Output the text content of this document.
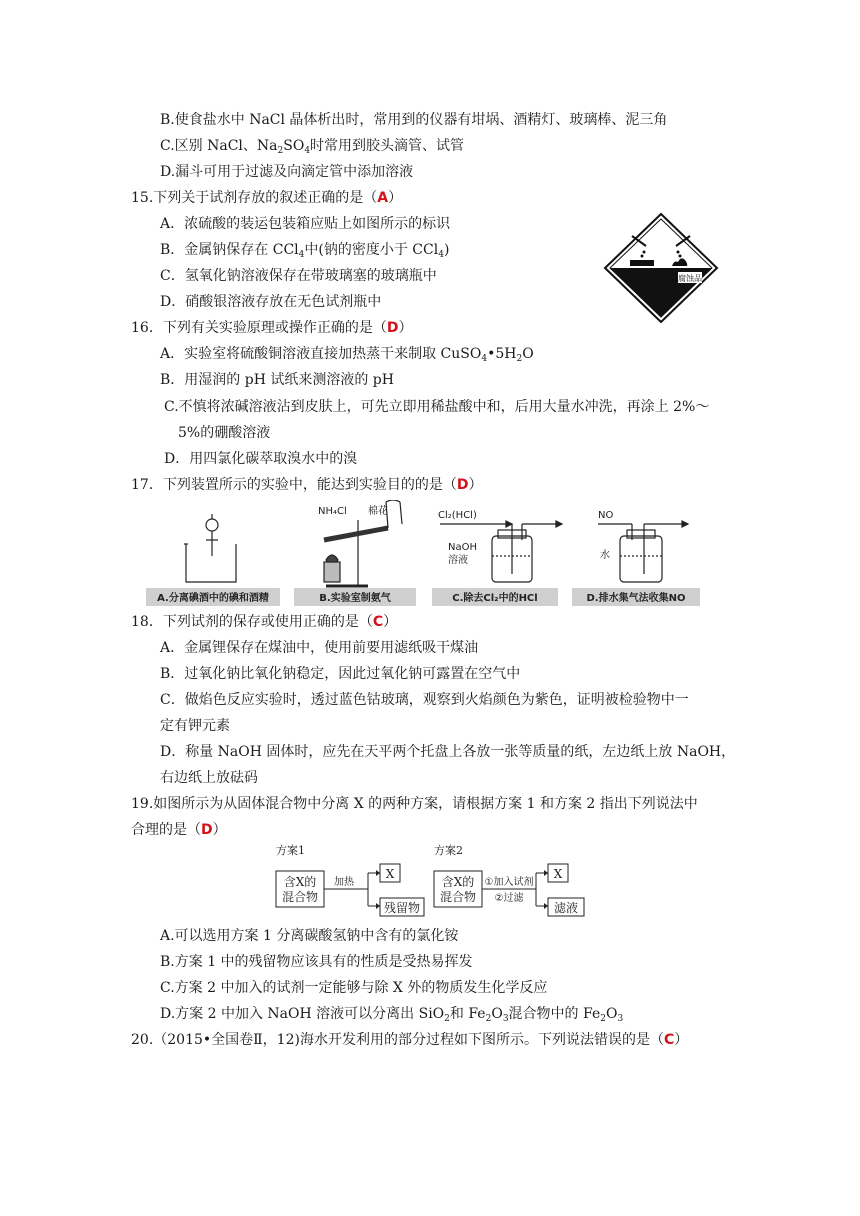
B.使食盐水中 NaCl 晶体析出时，常用到的仪器有坩埚、酒精灯、玻璃棒、泥三角
C.区别 NaCl、$Na_2SO_4$时常用到胶头滴管、试管
D.漏斗可用于过滤及向滴定管中添加溶液
15.下列关于试剂存放的叙述正确的是（A）
A．浓硫酸的装运包装箱应贴上如图所示的标识
B．金属钠保存在 CCl$_4$中(钠的密度小于 CCl$_4$)
C．氢氧化钠溶液保存在带玻璃塞的玻璃瓶中
D．硝酸银溶液存放在无色试剂瓶中
腐蚀品
16．下列有关实验原理或操作正确的是（D）
A．实验室将硫酸铜溶液直接加热蒸干来制取 $CuSO_4•5H_2O$
B．用湿润的 pH 试纸来测溶液的 pH
C.不慎将浓碱溶液沾到皮肤上，可先立即用稀盐酸中和，后用大量水冲洗，再涂上 2%～
5%的硼酸溶液
D．用四氯化碳萃取溴水中的溴
17．下列装置所示的实验中，能达到实验目的的是（D）
A.分离碘酒中的碘和酒精
NH₄Cl 棉花
B.实验室制氨气
Cl₂(HCl)
NaOH
溶液
C.除去Cl₂中的HCl
NO
水
D.排水集气法收集NO
18．下列试剂的保存或使用正确的是（C）
A．金属锂保存在煤油中，使用前要用滤纸吸干煤油
B．过氧化钠比氧化钠稳定，因此过氧化钠可露置在空气中
C．做焰色反应实验时，透过蓝色钴玻璃，观察到火焰颜色为紫色，证明被检验物中一
定有钾元素
D．称量 NaOH 固体时，应先在天平两个托盘上各放一张等质量的纸，左边纸上放 NaOH，
右边纸上放砝码
19.如图所示为从固体混合物中分离 X 的两种方案，请根据方案 1 和方案 2 指出下列说法中
合理的是（D）
方案1	方案2
含X的
混合物
加热
X
残留物
含X的
混合物
①加入试剂
②过滤
X
滤液
A.可以选用方案 1 分离碳酸氢钠中含有的氯化铵
B.方案 1 中的残留物应该具有的性质是受热易挥发
C.方案 2 中加入的试剂一定能够与除 X 外的物质发生化学反应
D.方案 2 中加入 NaOH 溶液可以分离出 SiO$_2$和 $Fe_2O_3$混合物中的 $Fe_2O_3$
20.（2015•全国卷Ⅱ，12)海水开发利用的部分过程如下图所示。下列说法错误的是（C）
